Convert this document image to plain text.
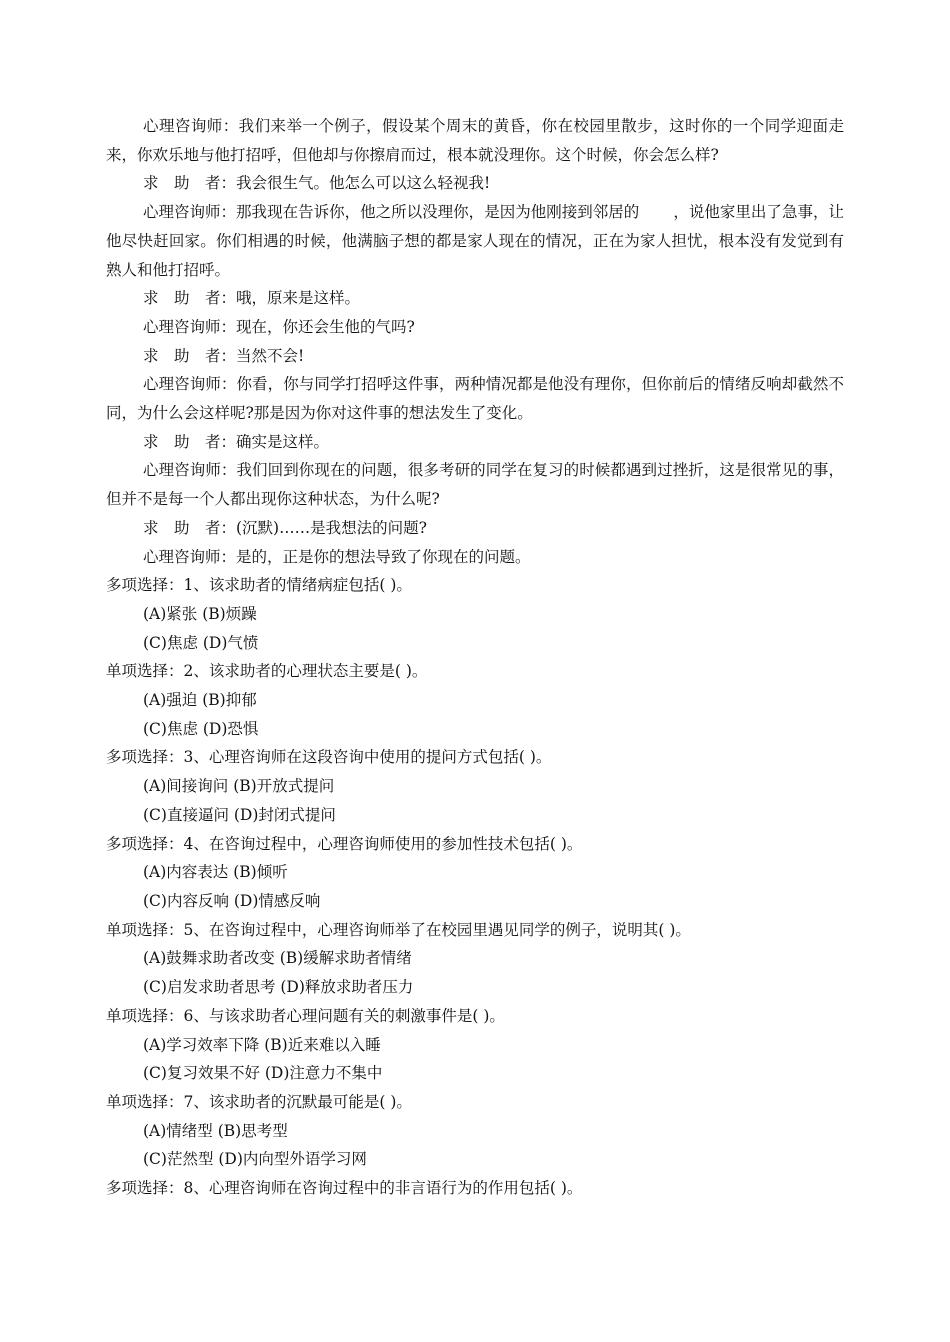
心理咨询师：我们来举一个例子，假设某个周末的黄昏，你在校园里散步，这时你的一个同学迎面走来，你欢乐地与他打招呼，但他却与你擦肩而过，根本就没理你。这个时候，你会怎么样?

求　助　者：我会很生气。他怎么可以这么轻视我!

心理咨询师：那我现在告诉你，他之所以没理你，是因为他刚接到邻居的 ，说他家里出了急事，让他尽快赶回家。你们相遇的时候，他满脑子想的都是家人现在的情况，正在为家人担忧，根本没有发觉到有熟人和他打招呼。

求　助　者：哦，原来是这样。

心理咨询师：现在，你还会生他的气吗?

求　助　者：当然不会!

心理咨询师：你看，你与同学打招呼这件事，两种情况都是他没有理你，但你前后的情绪反响却截然不同，为什么会这样呢?那是因为你对这件事的想法发生了变化。

求　助　者：确实是这样。

心理咨询师：我们回到你现在的问题，很多考研的同学在复习的时候都遇到过挫折，这是很常见的事，但并不是每一个人都出现你这种状态，为什么呢?

求　助　者：(沉默)……是我想法的问题?

心理咨询师：是的，正是你的想法导致了你现在的问题。

多项选择：1、该求助者的情绪病症包括( )。

(A)紧张 (B)烦躁

(C)焦虑 (D)气愤

单项选择：2、该求助者的心理状态主要是( )。

(A)强迫 (B)抑郁

(C)焦虑 (D)恐惧

多项选择：3、心理咨询师在这段咨询中使用的提问方式包括( )。

(A)间接询问 (B)开放式提问

(C)直接逼问 (D)封闭式提问

多项选择：4、在咨询过程中，心理咨询师使用的参加性技术包括( )。

(A)内容表达 (B)倾听

(C)内容反响 (D)情感反响

单项选择：5、在咨询过程中，心理咨询师举了在校园里遇见同学的例子，说明其( )。

(A)鼓舞求助者改变 (B)缓解求助者情绪

(C)启发求助者思考 (D)释放求助者压力

单项选择：6、与该求助者心理问题有关的刺激事件是( )。

(A)学习效率下降 (B)近来难以入睡

(C)复习效果不好 (D)注意力不集中

单项选择：7、该求助者的沉默最可能是( )。

(A)情绪型 (B)思考型

(C)茫然型 (D)内向型外语学习网

多项选择：8、心理咨询师在咨询过程中的非言语行为的作用包括( )。
